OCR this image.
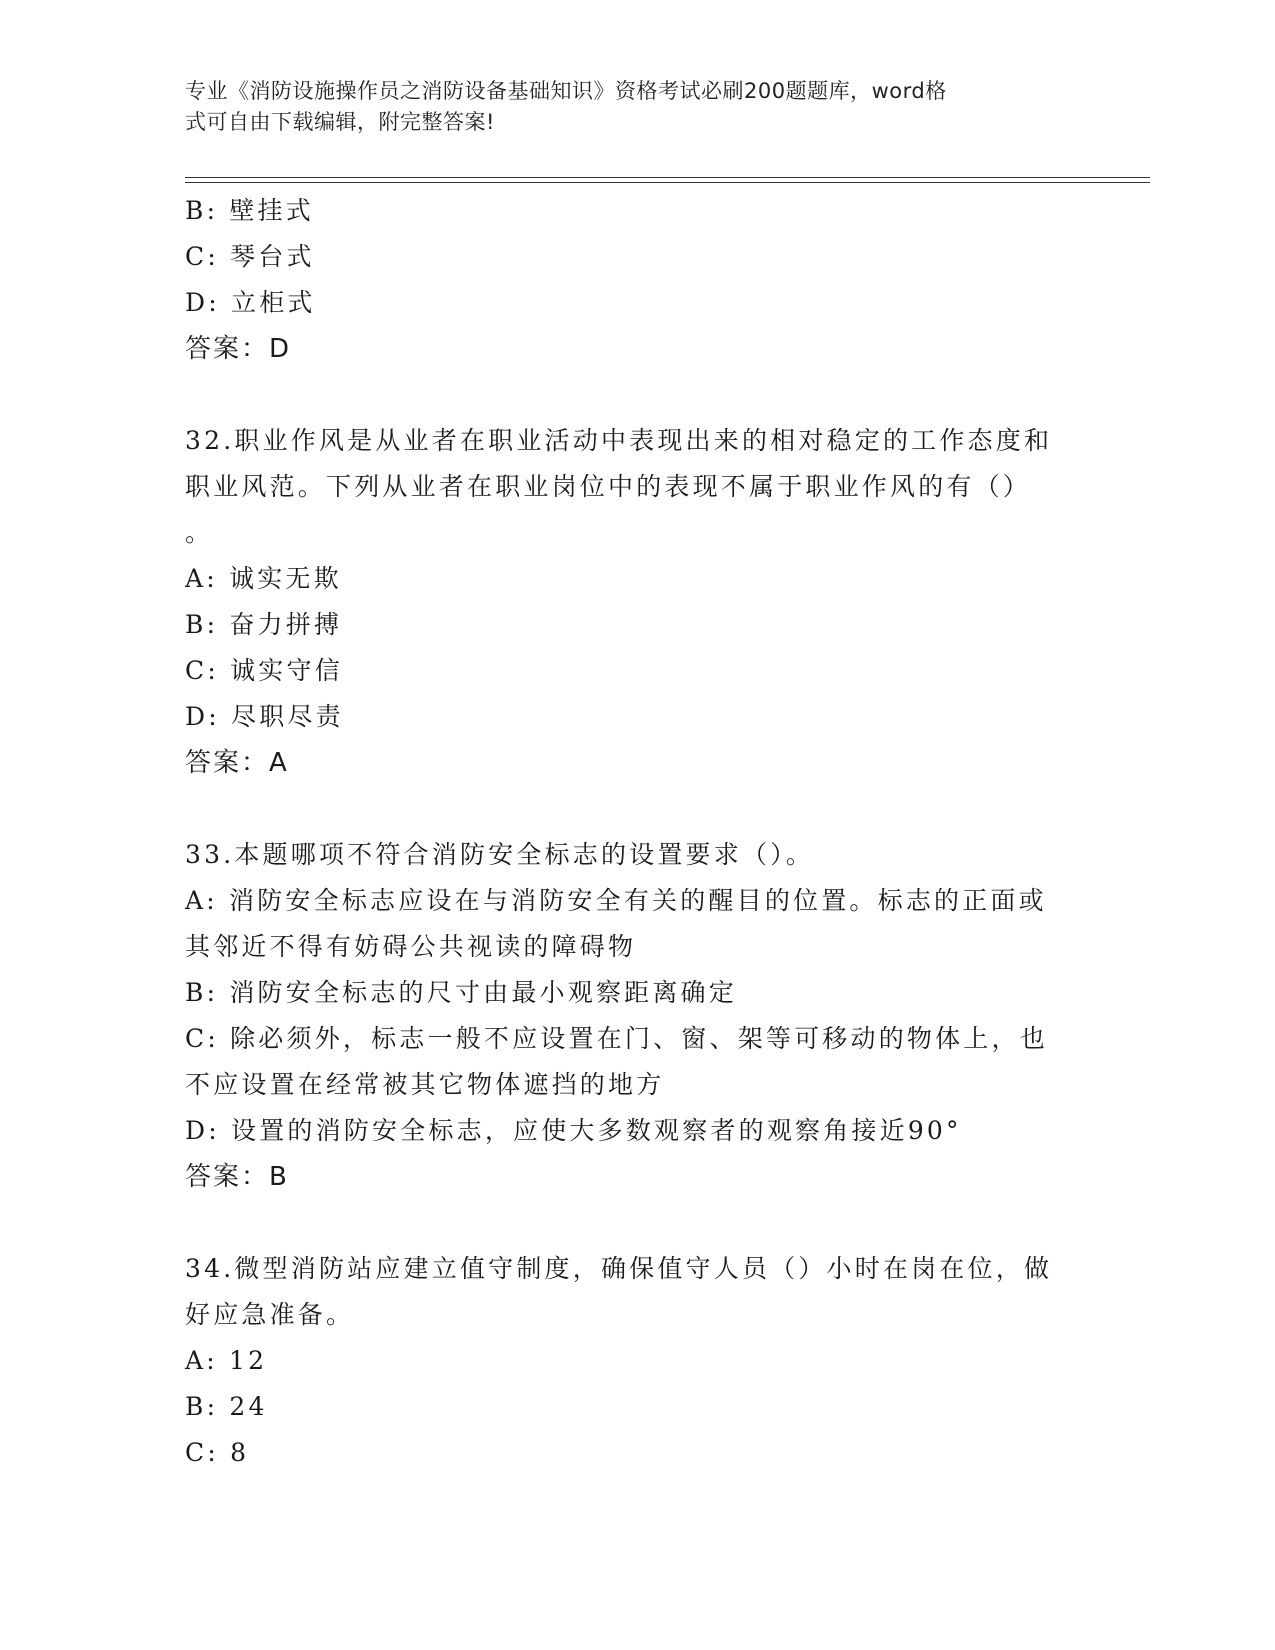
专业《消防设施操作员之消防设备基础知识》资格考试必刷200题题库，word格
式可自由下载编辑，附完整答案!
B: 壁挂式
C: 琴台式
D: 立柜式
答案：D
32.职业作风是从业者在职业活动中表现出来的相对稳定的工作态度和
职业风范。下列从业者在职业岗位中的表现不属于职业作风的有（）
。
A: 诚实无欺
B: 奋力拼搏
C: 诚实守信
D: 尽职尽责
答案：A
33.本题哪项不符合消防安全标志的设置要求（）。
A: 消防安全标志应设在与消防安全有关的醒目的位置。标志的正面或
其邻近不得有妨碍公共视读的障碍物
B: 消防安全标志的尺寸由最小观察距离确定
C: 除必须外，标志一般不应设置在门、窗、架等可移动的物体上，也
不应设置在经常被其它物体遮挡的地方
D: 设置的消防安全标志，应使大多数观察者的观察角接近90°
答案：B
34.微型消防站应建立值守制度，确保值守人员（）小时在岗在位，做
好应急准备。
A: 12
B: 24
C: 8
